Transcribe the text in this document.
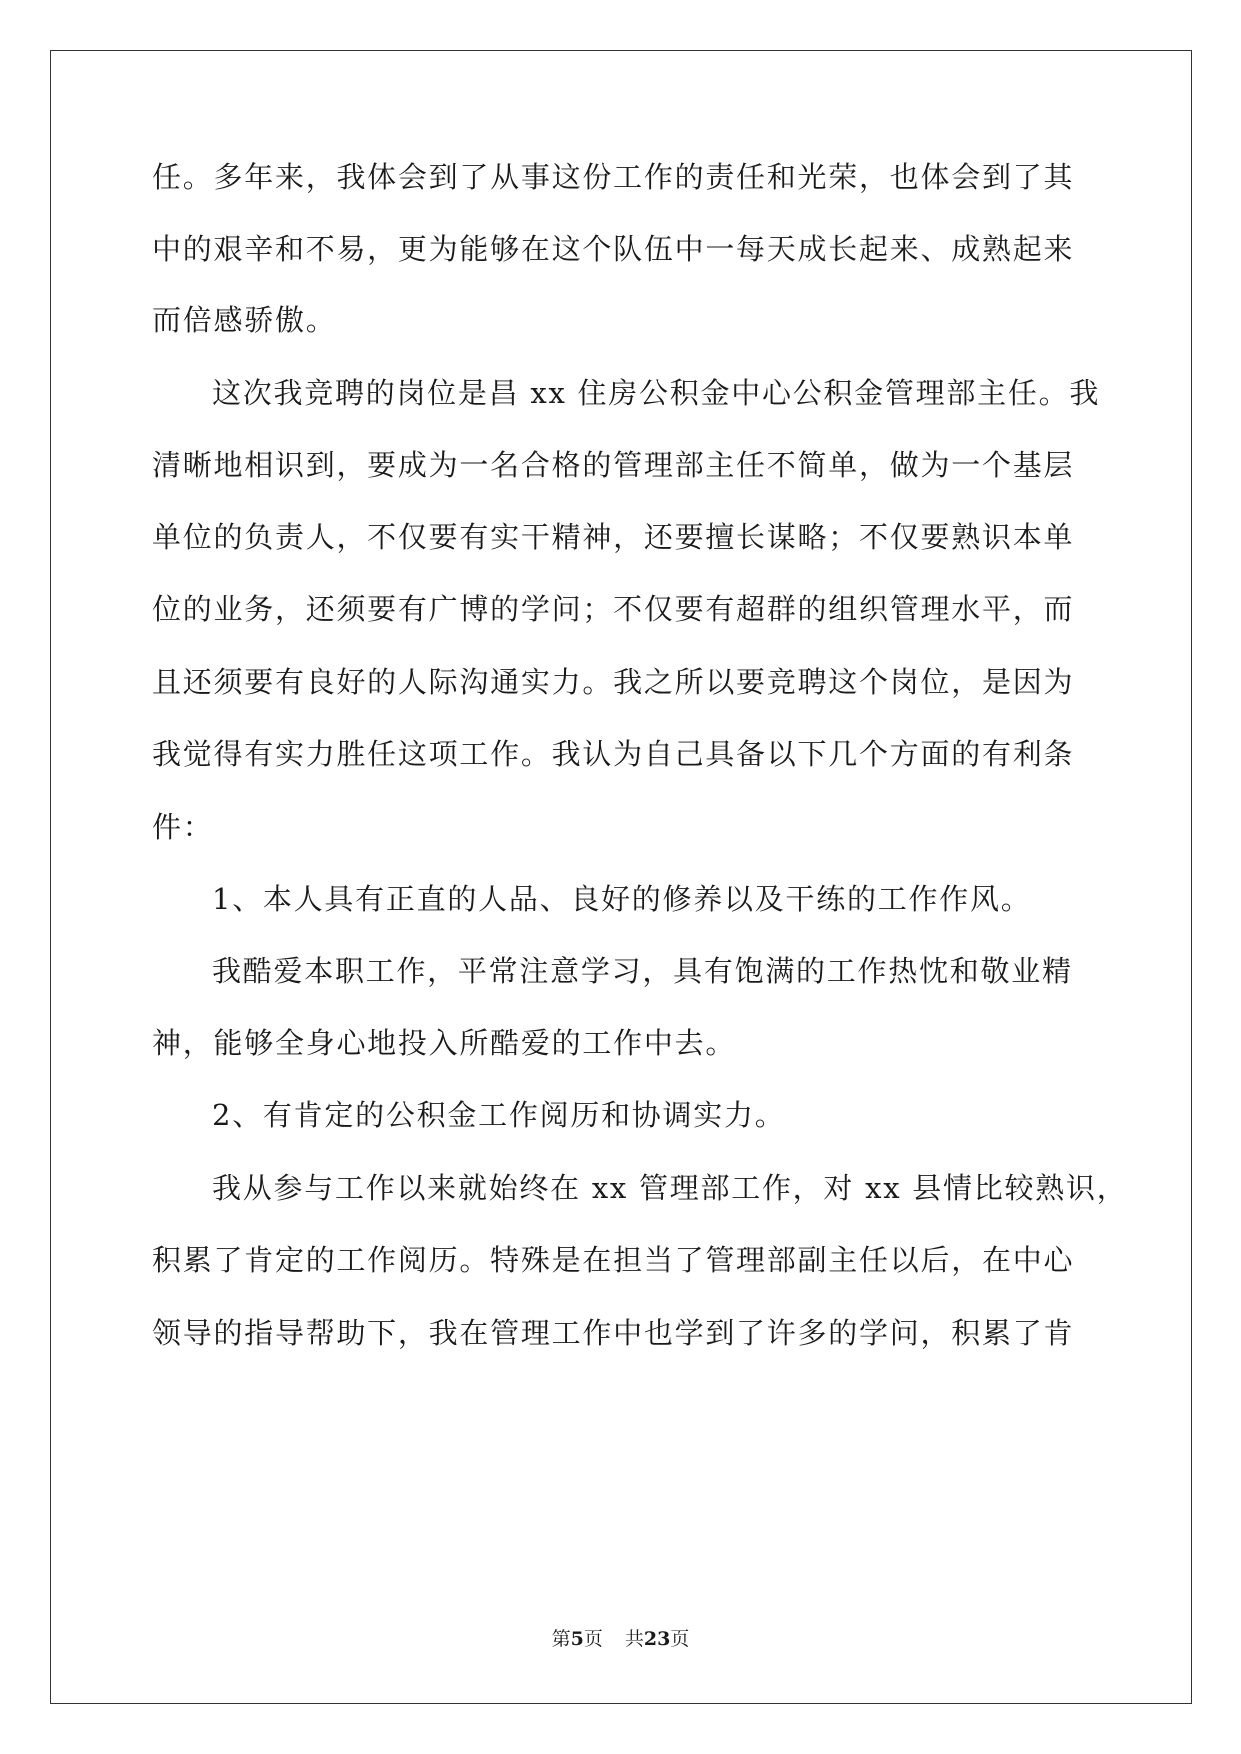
任。多年来，我体会到了从事这份工作的责任和光荣，也体会到了其
中的艰辛和不易，更为能够在这个队伍中一每天成长起来、成熟起来
而倍感骄傲。
这次我竞聘的岗位是昌 xx 住房公积金中心公积金管理部主任。我
清晰地相识到，要成为一名合格的管理部主任不简单，做为一个基层
单位的负责人，不仅要有实干精神，还要擅长谋略；不仅要熟识本单
位的业务，还须要有广博的学问；不仅要有超群的组织管理水平，而
且还须要有良好的人际沟通实力。我之所以要竞聘这个岗位，是因为
我觉得有实力胜任这项工作。我认为自己具备以下几个方面的有利条
件：
1、本人具有正直的人品、良好的修养以及干练的工作作风。
我酷爱本职工作，平常注意学习，具有饱满的工作热忱和敬业精
神，能够全身心地投入所酷爱的工作中去。
2、有肯定的公积金工作阅历和协调实力。
我从参与工作以来就始终在 xx 管理部工作，对 xx 县情比较熟识，
积累了肯定的工作阅历。特殊是在担当了管理部副主任以后，在中心
领导的指导帮助下，我在管理工作中也学到了许多的学问，积累了肯
第5页 共23页
